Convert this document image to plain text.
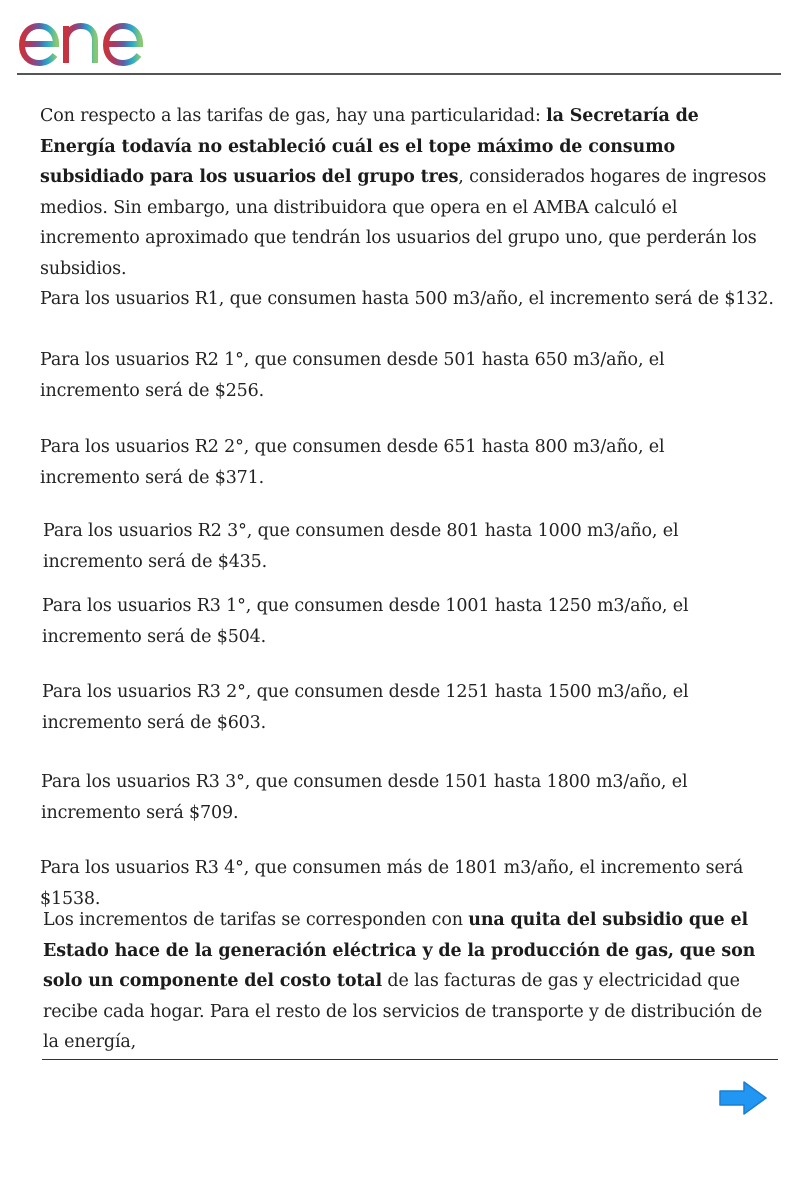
Con respecto a las tarifas de gas, hay una particularidad: la Secretaría de Energía todavía no estableció cuál es el tope máximo de consumo subsidiado para los usuarios del grupo tres, considerados hogares de ingresos medios. Sin embargo, una distribuidora que opera en el AMBA calculó el incremento aproximado que tendrán los usuarios del grupo uno, que perderán los subsidios.

Para los usuarios R1, que consumen hasta 500 m3/año, el incremento será de $132.

Para los usuarios R2 1°, que consumen desde 501 hasta 650 m3/año, el incremento será de $256.

Para los usuarios R2 2°, que consumen desde 651 hasta 800 m3/año, el incremento será de $371.

Para los usuarios R2 3°, que consumen desde 801 hasta 1000 m3/año, el incremento será de $435.

Para los usuarios R3 1°, que consumen desde 1001 hasta 1250 m3/año, el incremento será de $504.

Para los usuarios R3 2°, que consumen desde 1251 hasta 1500 m3/año, el incremento será de $603.

Para los usuarios R3 3°, que consumen desde 1501 hasta 1800 m3/año, el incremento será $709.

Para los usuarios R3 4°, que consumen más de 1801 m3/año, el incremento será $1538.

Los incrementos de tarifas se corresponden con una quita del subsidio que el Estado hace de la generación eléctrica y de la producción de gas, que son solo un componente del costo total de las facturas de gas y electricidad que recibe cada hogar. Para el resto de los servicios de transporte y de distribución de la energía,
